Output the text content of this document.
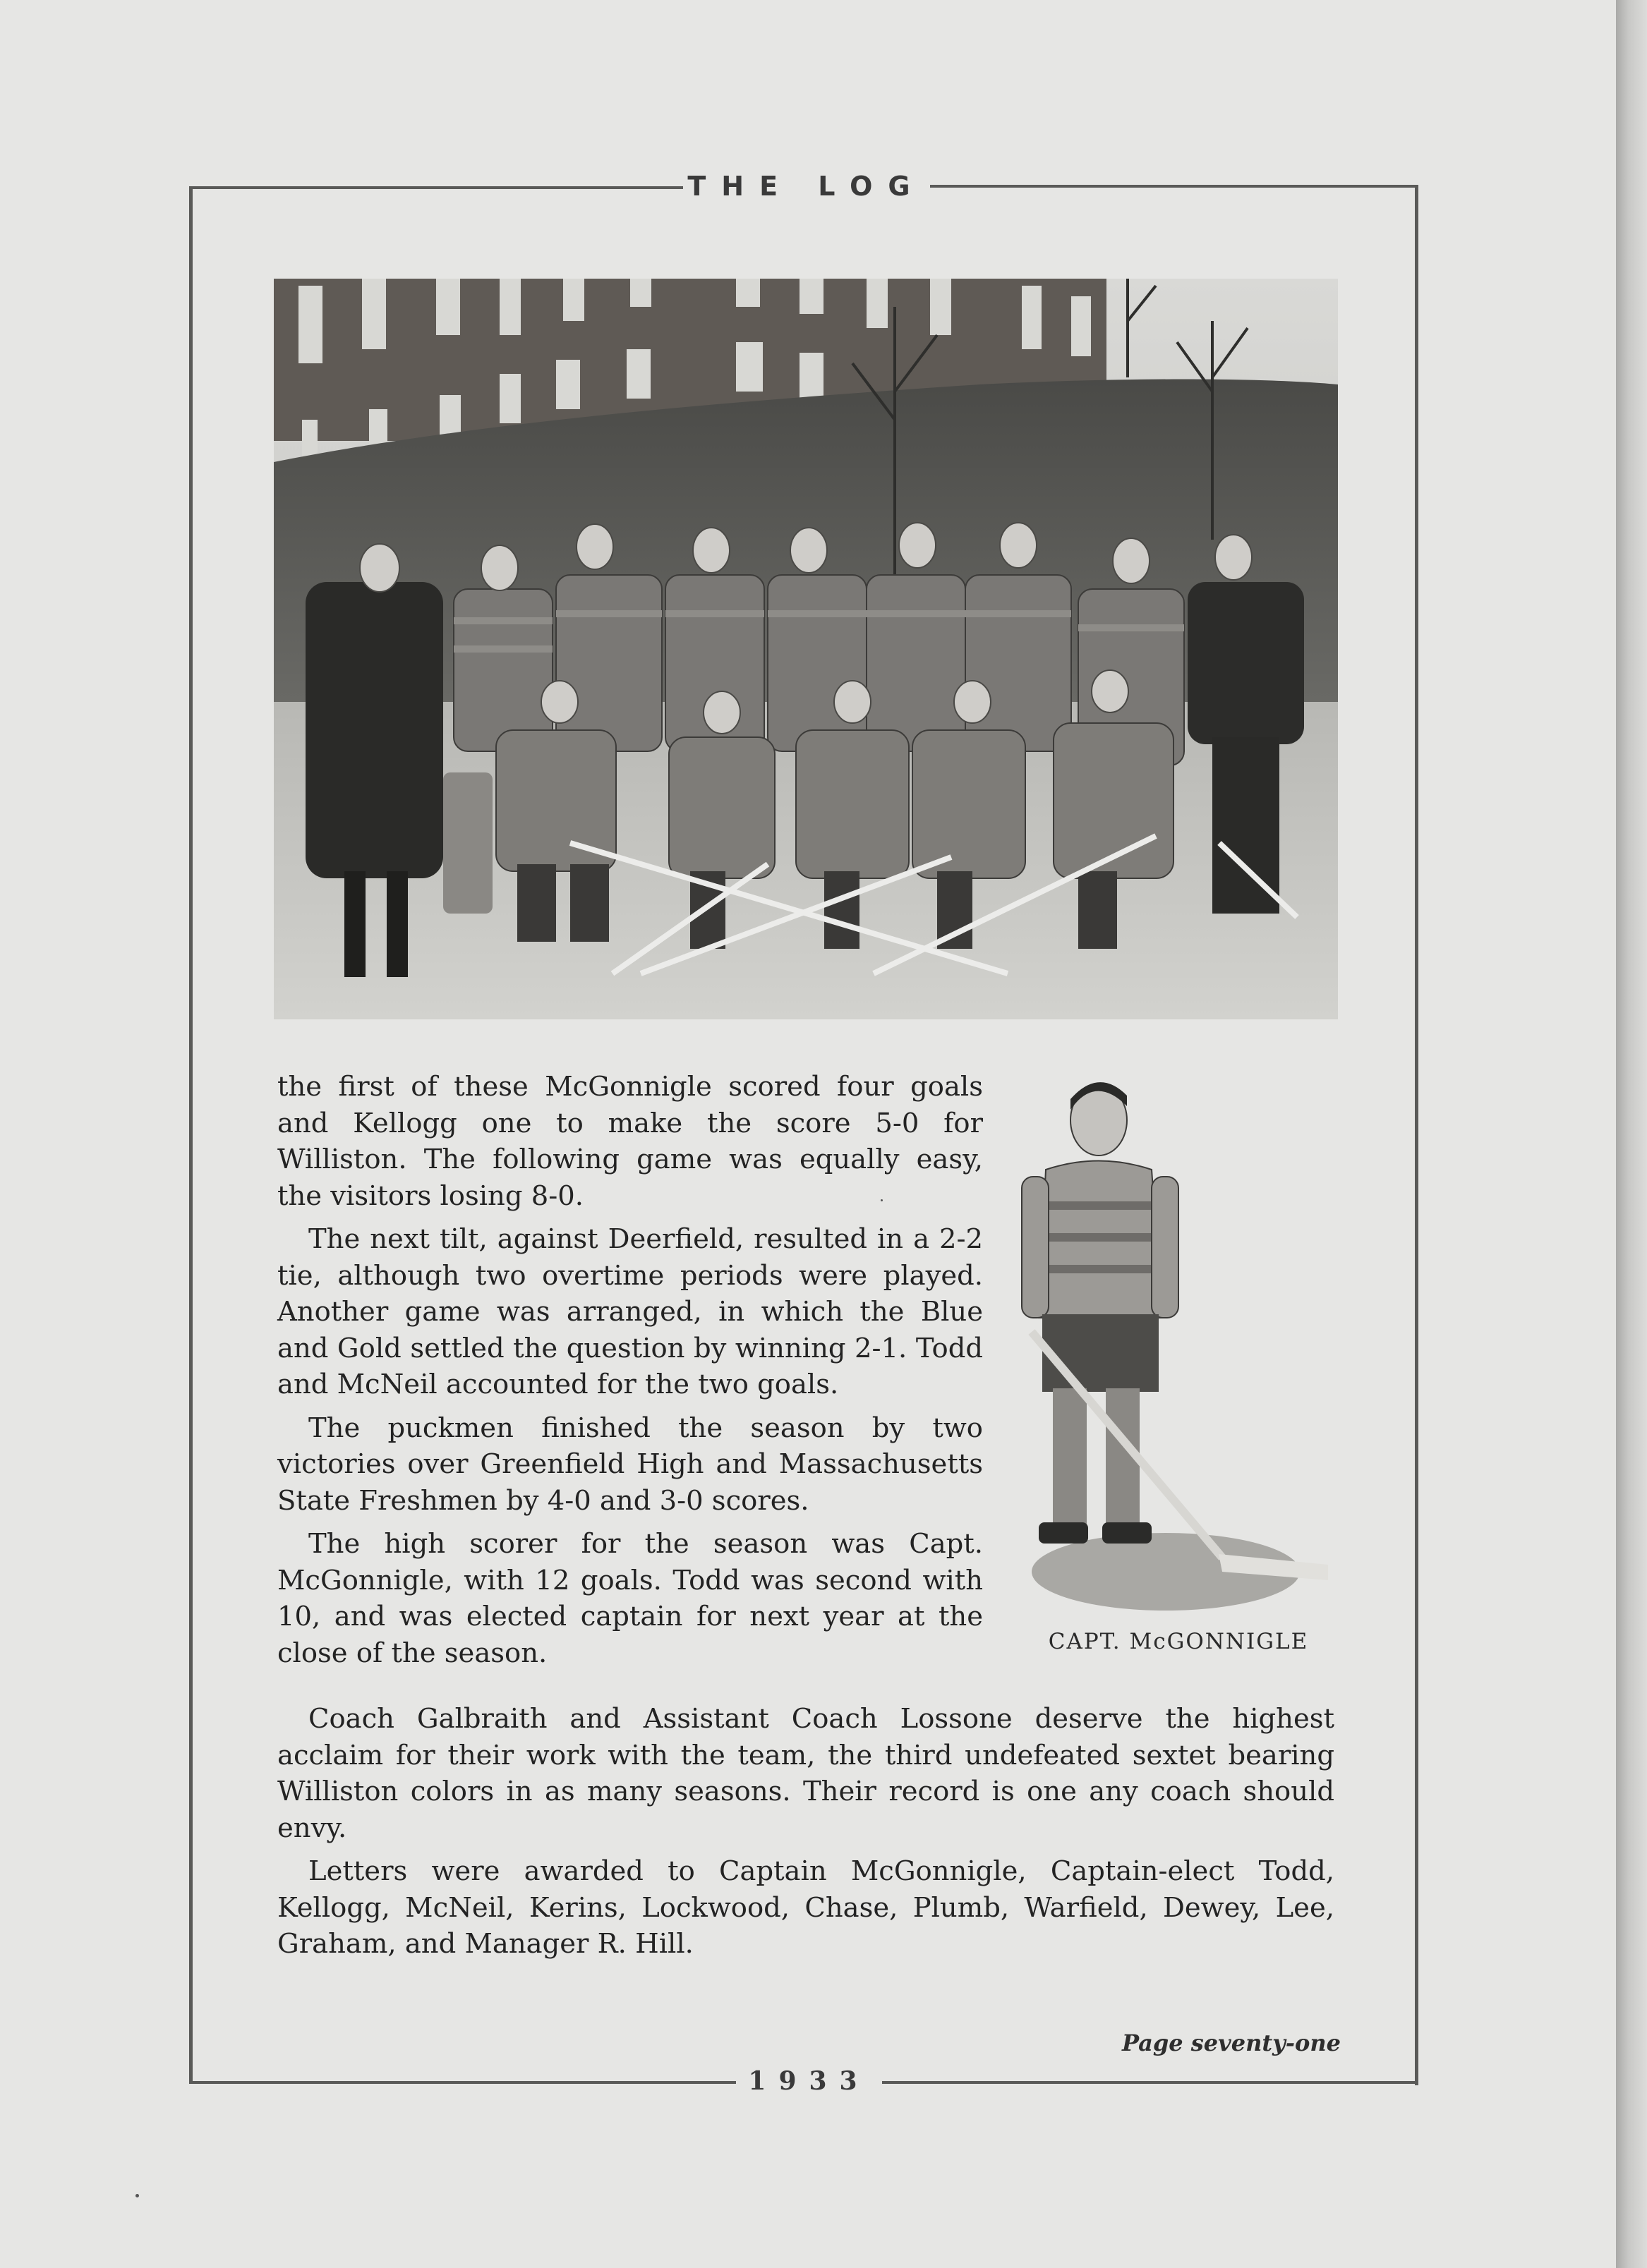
THE LOG

the first of these McGonnigle scored four goals and Kellogg one to make the score 5-0 for Williston. The following game was equally easy, the visitors losing 8-0.

The next tilt, against Deerfield, resulted in a 2-2 tie, although two overtime periods were played. Another game was arranged, in which the Blue and Gold settled the question by winning 2-1. Todd and McNeil accounted for the two goals.

The puckmen finished the season by two victories over Greenfield High and Massachusetts State Freshmen by 4-0 and 3-0 scores.

The high scorer for the season was Capt. McGonnigle, with 12 goals. Todd was second with 10, and was elected captain for next year at the close of the season.	CAPT. McGONNIGLE

Coach Galbraith and Assistant Coach Lossone deserve the highest acclaim for their work with the team, the third undefeated sextet bearing Williston colors in as many seasons. Their record is one any coach should envy.

Letters were awarded to Captain McGonnigle, Captain-elect Todd, Kellogg, McNeil, Kerins, Lockwood, Chase, Plumb, Warfield, Dewey, Lee, Graham, and Manager R. Hill.

Page seventy-one
1933
